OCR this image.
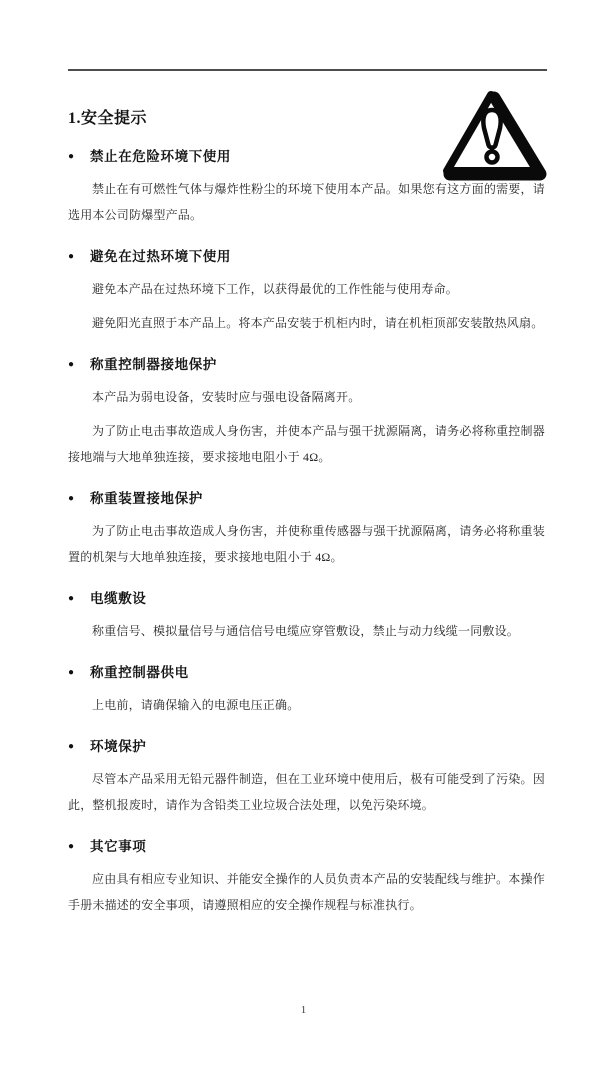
1.安全提示
●	禁止在危险环境下使用

禁止在有可燃性气体与爆炸性粉尘的环境下使用本产品。如果您有这方面的需要，请选用本公司防爆型产品。

●	避免在过热环境下使用

避免本产品在过热环境下工作，以获得最优的工作性能与使用寿命。

避免阳光直照于本产品上。将本产品安装于机柜内时，请在机柜顶部安装散热风扇。

●	称重控制器接地保护

本产品为弱电设备，安装时应与强电设备隔离开。

为了防止电击事故造成人身伤害，并使本产品与强干扰源隔离，请务必将称重控制器接地端与大地单独连接，要求接地电阻小于 4Ω。

●	称重装置接地保护

为了防止电击事故造成人身伤害，并使称重传感器与强干扰源隔离，请务必将称重装置的机架与大地单独连接，要求接地电阻小于 4Ω。

●	电缆敷设

称重信号、模拟量信号与通信信号电缆应穿管敷设，禁止与动力线缆一同敷设。

●	称重控制器供电

上电前，请确保输入的电源电压正确。

●	环境保护

尽管本产品采用无铅元器件制造，但在工业环境中使用后，极有可能受到了污染。因此，整机报废时，请作为含铅类工业垃圾合法处理，以免污染环境。

●	其它事项

应由具有相应专业知识、并能安全操作的人员负责本产品的安装配线与维护。本操作手册未描述的安全事项，请遵照相应的安全操作规程与标准执行。

1
